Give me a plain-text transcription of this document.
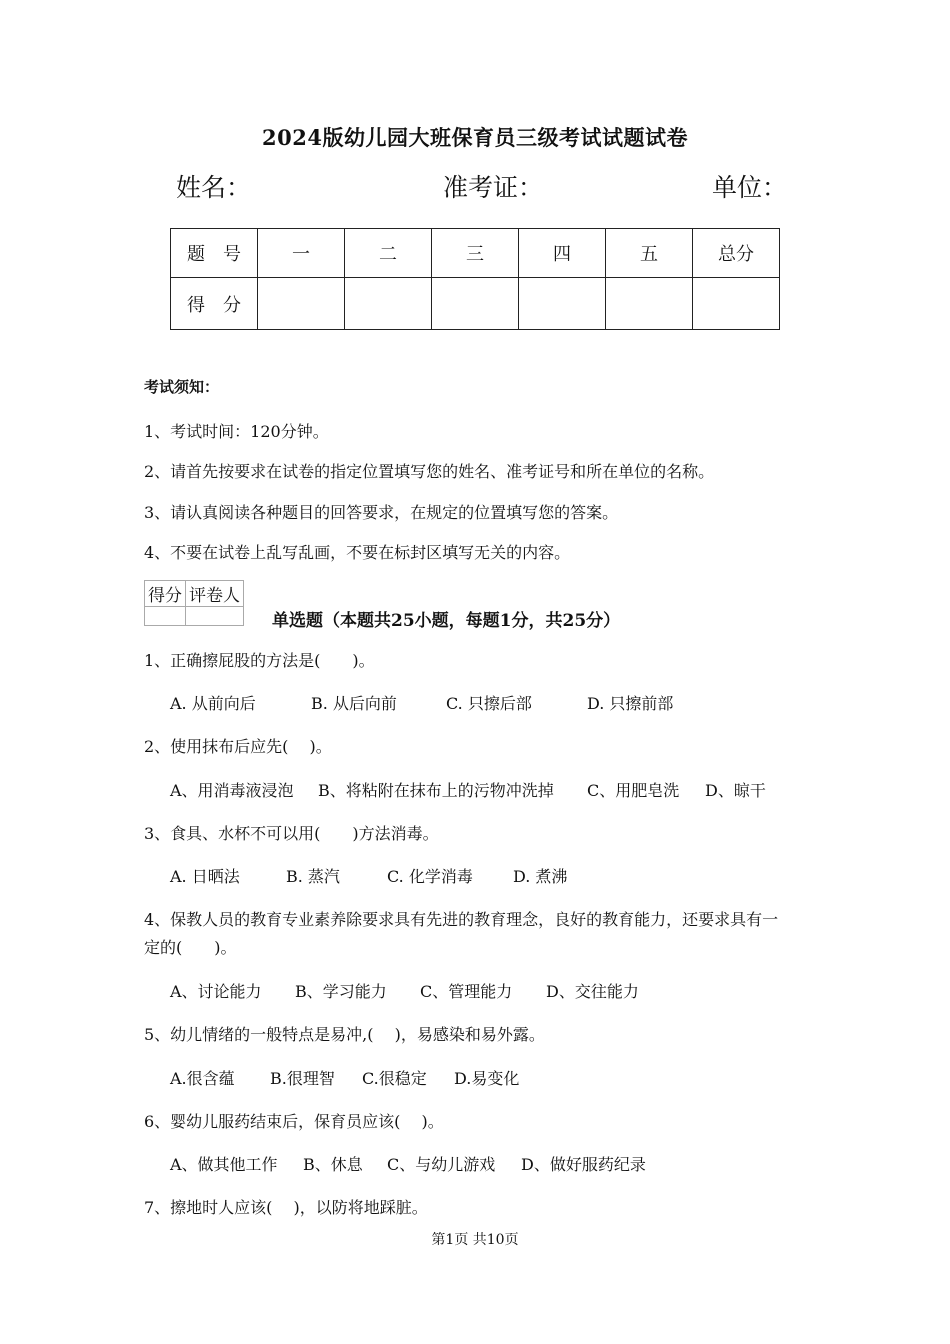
2024版幼儿园大班保育员三级考试试题试卷
姓名：	准考证：	单位：
题　号	一	二	三	四	五	总分
得　分						
考试须知：
1、考试时间：120分钟。
2、请首先按要求在试卷的指定位置填写您的姓名、准考证号和所在单位的名称。
3、请认真阅读各种题目的回答要求，在规定的位置填写您的答案。
4、不要在试卷上乱写乱画，不要在标封区填写无关的内容。
得分	评卷人

单选题（本题共25小题，每题1分，共25分）
1、正确擦屁股的方法是(　　)。
A. 从前向后	B. 从后向前	C. 只擦后部	D. 只擦前部
2、使用抹布后应先(　 )。
A、用消毒液浸泡 B、将粘附在抹布上的污物冲洗掉 C、用肥皂洗 D、晾干
3、食具、水杯不可以用(　　)方法消毒。
A. 日晒法	B. 蒸汽	C. 化学消毒	D. 煮沸
4、保教人员的教育专业素养除要求具有先进的教育理念，良好的教育能力，还要求具有一
定的(　　)。
A、讨论能力 B、学习能力 C、管理能力 D、交往能力
5、幼儿情绪的一般特点是易冲,(　 )，易感染和易外露。
A.很含蕴 B.很理智 C.很稳定 D.易变化
6、婴幼儿服药结束后，保育员应该(　 )。
A、做其他工作 B、休息 C、与幼儿游戏 D、做好服药纪录
7、擦地时人应该(　 )，以防将地踩脏。
第1页 共10页
